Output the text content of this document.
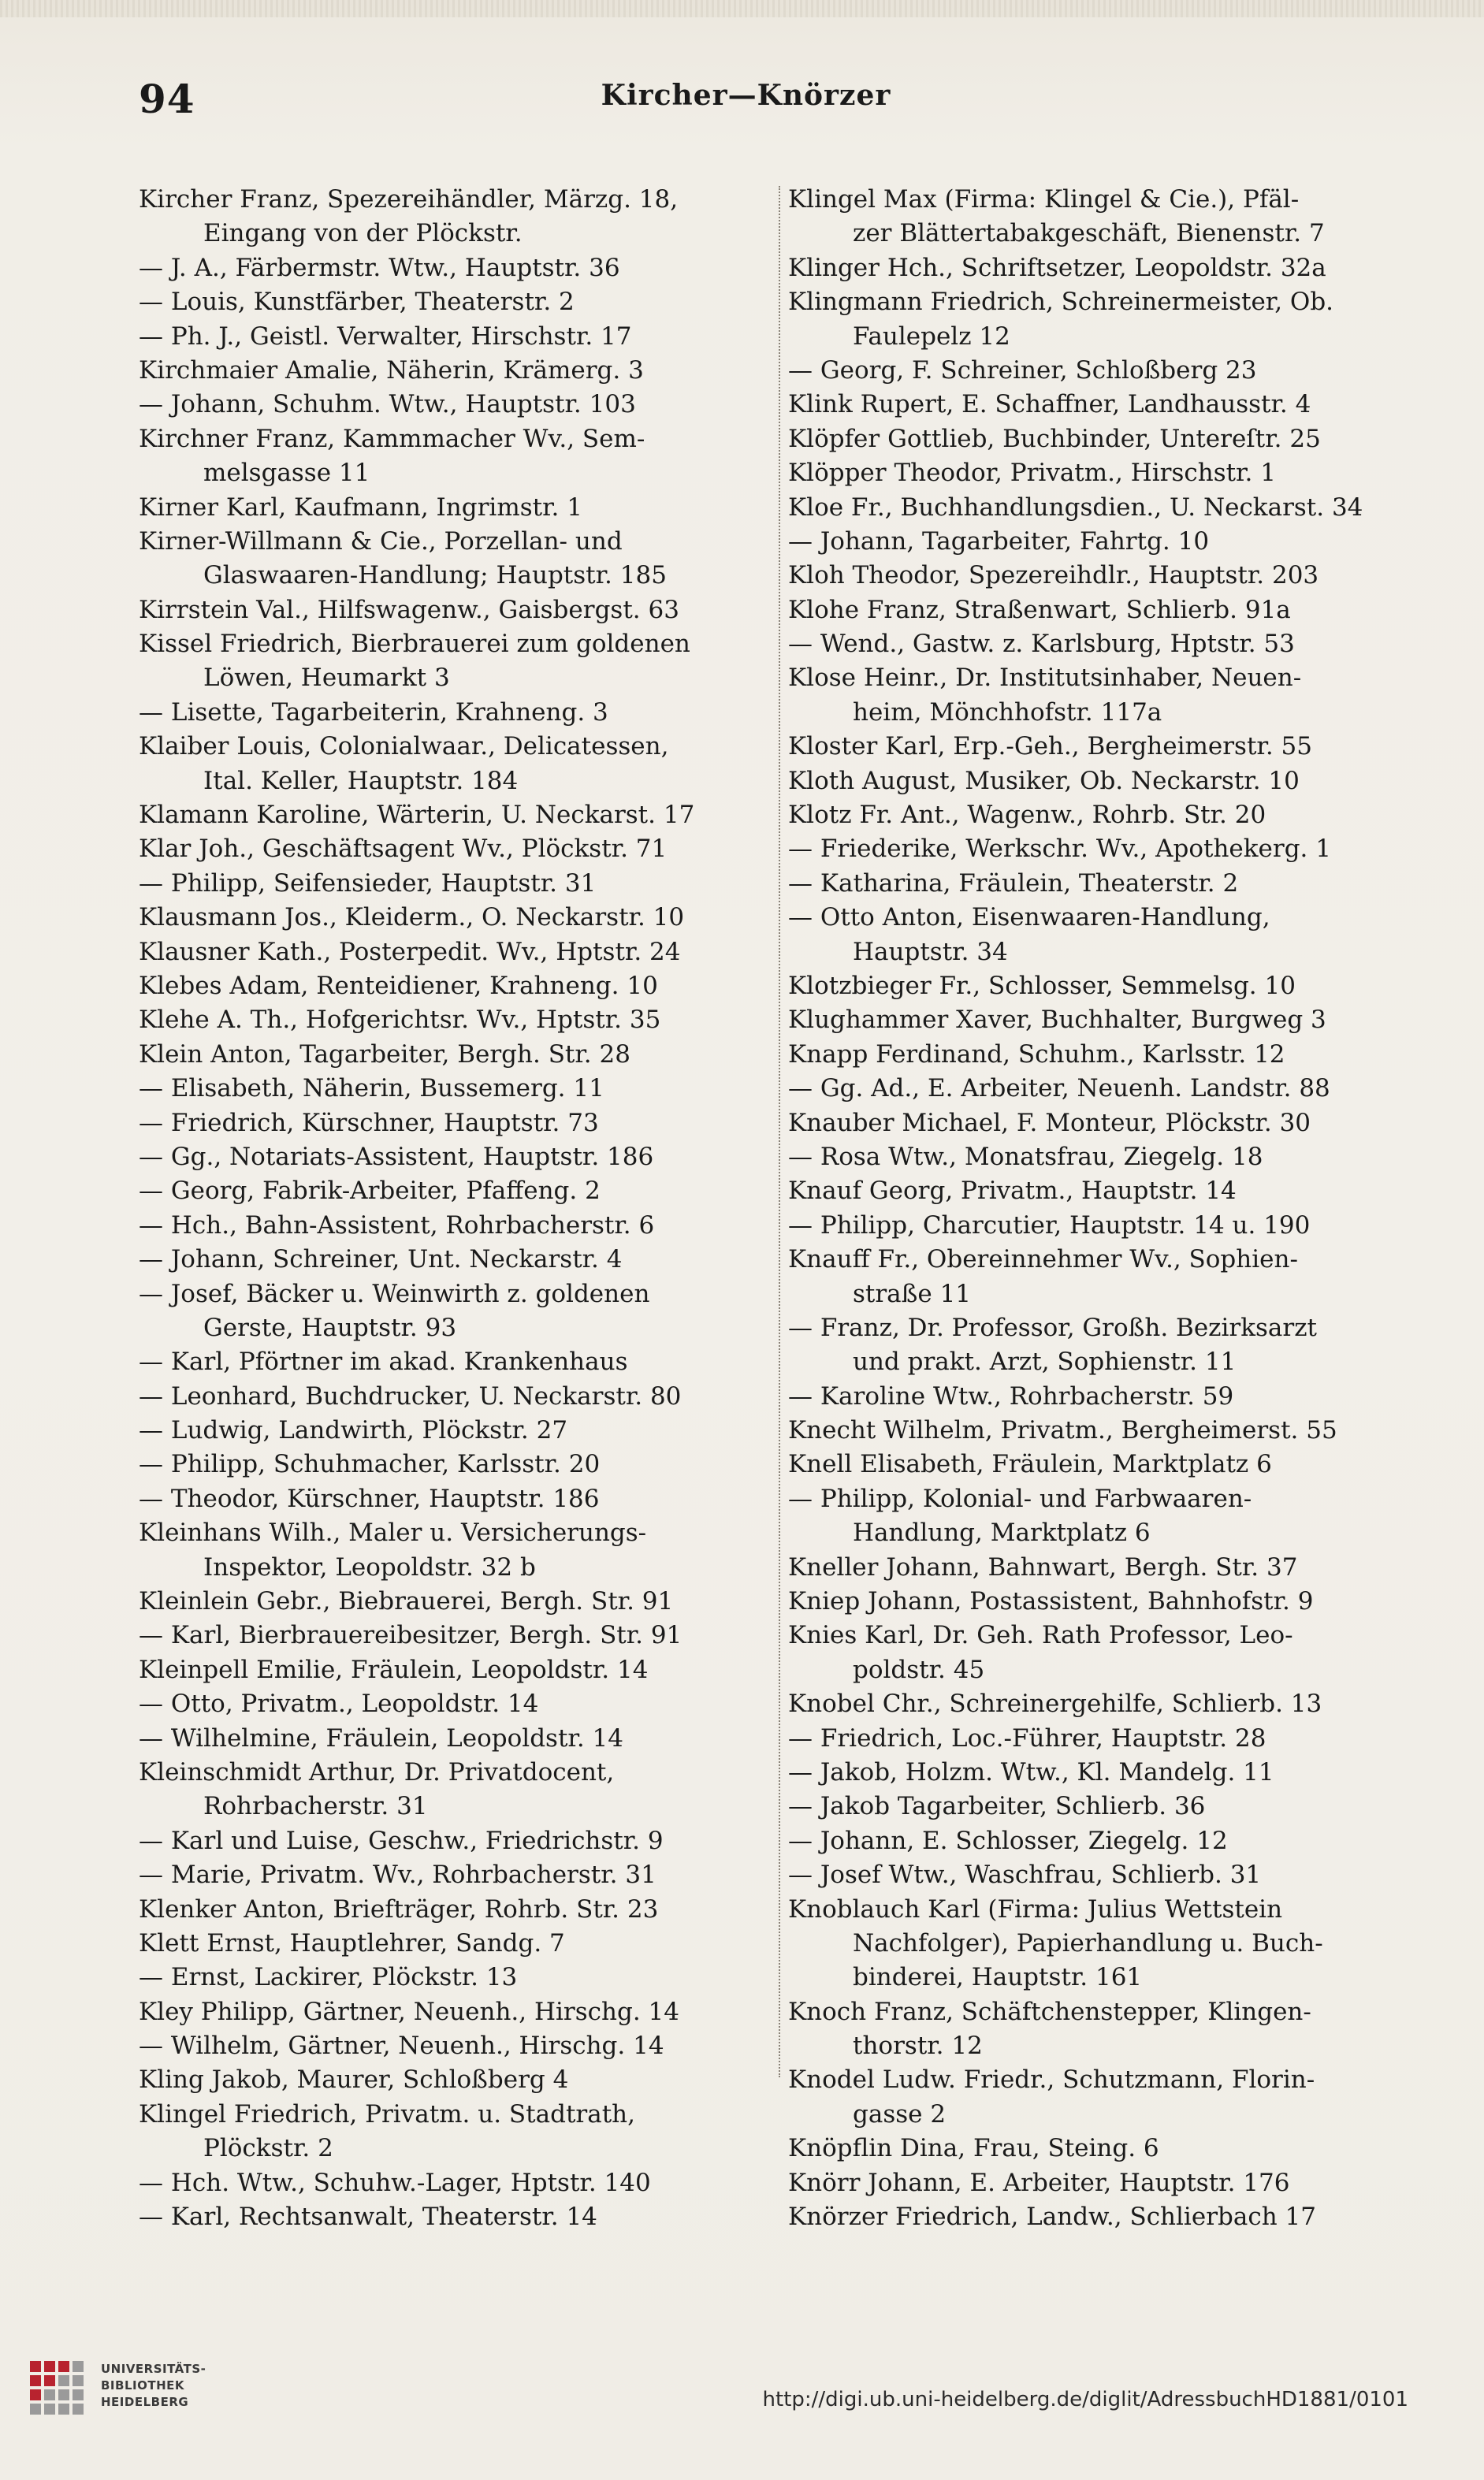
94	Kircher—Knörzer
Kircher Franz, Spezereihändler, Märzg. 18,
Eingang von der Plöckstr.
— J. A., Färbermstr. Wtw., Hauptstr. 36
— Louis, Kunstfärber, Theaterstr. 2
— Ph. J., Geistl. Verwalter, Hirschstr. 17
Kirchmaier Amalie, Näherin, Krämerg. 3
— Johann, Schuhm. Wtw., Hauptstr. 103
Kirchner Franz, Kammmacher Wv., Sem-
melsgasse 11
Kirner Karl, Kaufmann, Ingrimstr. 1
Kirner-Willmann & Cie., Porzellan- und
Glaswaaren-Handlung; Hauptstr. 185
Kirrstein Val., Hilfswagenw., Gaisbergst. 63
Kissel Friedrich, Bierbrauerei zum goldenen
Löwen, Heumarkt 3
— Lisette, Tagarbeiterin, Krahneng. 3
Klaiber Louis, Colonialwaar., Delicatessen,
Ital. Keller, Hauptstr. 184
Klamann Karoline, Wärterin, U. Neckarst. 17
Klar Joh., Geschäftsagent Wv., Plöckstr. 71
— Philipp, Seifensieder, Hauptstr. 31
Klausmann Jos., Kleiderm., O. Neckarstr. 10
Klausner Kath., Posterpedit. Wv., Hptstr. 24
Klebes Adam, Renteidiener, Krahneng. 10
Klehe A. Th., Hofgerichtsr. Wv., Hptstr. 35
Klein Anton, Tagarbeiter, Bergh. Str. 28
— Elisabeth, Näherin, Bussemerg. 11
— Friedrich, Kürschner, Hauptstr. 73
— Gg., Notariats-Assistent, Hauptstr. 186
— Georg, Fabrik-Arbeiter, Pfaffeng. 2
— Hch., Bahn-Assistent, Rohrbacherstr. 6
— Johann, Schreiner, Unt. Neckarstr. 4
— Josef, Bäcker u. Weinwirth z. goldenen
Gerste, Hauptstr. 93
— Karl, Pförtner im akad. Krankenhaus
— Leonhard, Buchdrucker, U. Neckarstr. 80
— Ludwig, Landwirth, Plöckstr. 27
— Philipp, Schuhmacher, Karlsstr. 20
— Theodor, Kürschner, Hauptstr. 186
Kleinhans Wilh., Maler u. Versicherungs-
Inspektor, Leopoldstr. 32 b
Kleinlein Gebr., Biebrauerei, Bergh. Str. 91
— Karl, Bierbrauereibesitzer, Bergh. Str. 91
Kleinpell Emilie, Fräulein, Leopoldstr. 14
— Otto, Privatm., Leopoldstr. 14
— Wilhelmine, Fräulein, Leopoldstr. 14
Kleinschmidt Arthur, Dr. Privatdocent,
Rohrbacherstr. 31
— Karl und Luise, Geschw., Friedrichstr. 9
— Marie, Privatm. Wv., Rohrbacherstr. 31
Klenker Anton, Briefträger, Rohrb. Str. 23
Klett Ernst, Hauptlehrer, Sandg. 7
— Ernst, Lackirer, Plöckstr. 13
Kley Philipp, Gärtner, Neuenh., Hirschg. 14
— Wilhelm, Gärtner, Neuenh., Hirschg. 14
Kling Jakob, Maurer, Schloßberg 4
Klingel Friedrich, Privatm. u. Stadtrath,
Plöckstr. 2
— Hch. Wtw., Schuhw.-Lager, Hptstr. 140
— Karl, Rechtsanwalt, Theaterstr. 14
Klingel Max (Firma: Klingel & Cie.), Pfäl-
zer Blättertabakgeschäft, Bienenstr. 7
Klinger Hch., Schriftsetzer, Leopoldstr. 32a
Klingmann Friedrich, Schreinermeister, Ob.
Faulepelz 12
— Georg, F. Schreiner, Schloßberg 23
Klink Rupert, E. Schaffner, Landhausstr. 4
Klöpfer Gottlieb, Buchbinder, Untereſtr. 25
Klöpper Theodor, Privatm., Hirschstr. 1
Kloe Fr., Buchhandlungsdien., U. Neckarst. 34
— Johann, Tagarbeiter, Fahrtg. 10
Kloh Theodor, Spezereihdlr., Hauptstr. 203
Klohe Franz, Straßenwart, Schlierb. 91a
— Wend., Gastw. z. Karlsburg, Hptstr. 53
Klose Heinr., Dr. Institutsinhaber, Neuen-
heim, Mönchhofstr. 117a
Kloster Karl, Erp.-Geh., Bergheimerstr. 55
Kloth August, Musiker, Ob. Neckarstr. 10
Klotz Fr. Ant., Wagenw., Rohrb. Str. 20
— Friederike, Werkschr. Wv., Apothekerg. 1
— Katharina, Fräulein, Theaterstr. 2
— Otto Anton, Eisenwaaren-Handlung,
Hauptstr. 34
Klotzbieger Fr., Schlosser, Semmelsg. 10
Klughammer Xaver, Buchhalter, Burgweg 3
Knapp Ferdinand, Schuhm., Karlsstr. 12
— Gg. Ad., E. Arbeiter, Neuenh. Landstr. 88
Knauber Michael, F. Monteur, Plöckstr. 30
— Rosa Wtw., Monatsfrau, Ziegelg. 18
Knauf Georg, Privatm., Hauptstr. 14
— Philipp, Charcutier, Hauptstr. 14 u. 190
Knauff Fr., Obereinnehmer Wv., Sophien-
straße 11
— Franz, Dr. Professor, Großh. Bezirksarzt
und prakt. Arzt, Sophienstr. 11
— Karoline Wtw., Rohrbacherstr. 59
Knecht Wilhelm, Privatm., Bergheimerst. 55
Knell Elisabeth, Fräulein, Marktplatz 6
— Philipp, Kolonial- und Farbwaaren-
Handlung, Marktplatz 6
Kneller Johann, Bahnwart, Bergh. Str. 37
Kniep Johann, Postassistent, Bahnhofstr. 9
Knies Karl, Dr. Geh. Rath Professor, Leo-
poldstr. 45
Knobel Chr., Schreinergehilfe, Schlierb. 13
— Friedrich, Loc.-Führer, Hauptstr. 28
— Jakob, Holzm. Wtw., Kl. Mandelg. 11
— Jakob Tagarbeiter, Schlierb. 36
— Johann, E. Schlosser, Ziegelg. 12
— Josef Wtw., Waschfrau, Schlierb. 31
Knoblauch Karl (Firma: Julius Wettstein
Nachfolger), Papierhandlung u. Buch-
binderei, Hauptstr. 161
Knoch Franz, Schäftchenstepper, Klingen-
thorstr. 12
Knodel Ludw. Friedr., Schutzmann, Florin-
gasse 2
Knöpflin Dina, Frau, Steing. 6
Knörr Johann, E. Arbeiter, Hauptstr. 176
Knörzer Friedrich, Landw., Schlierbach 17
UNIVERSITÄTS-
BIBLIOTHEK
HEIDELBERG	http://digi.ub.uni-heidelberg.de/diglit/AdressbuchHD1881/0101
